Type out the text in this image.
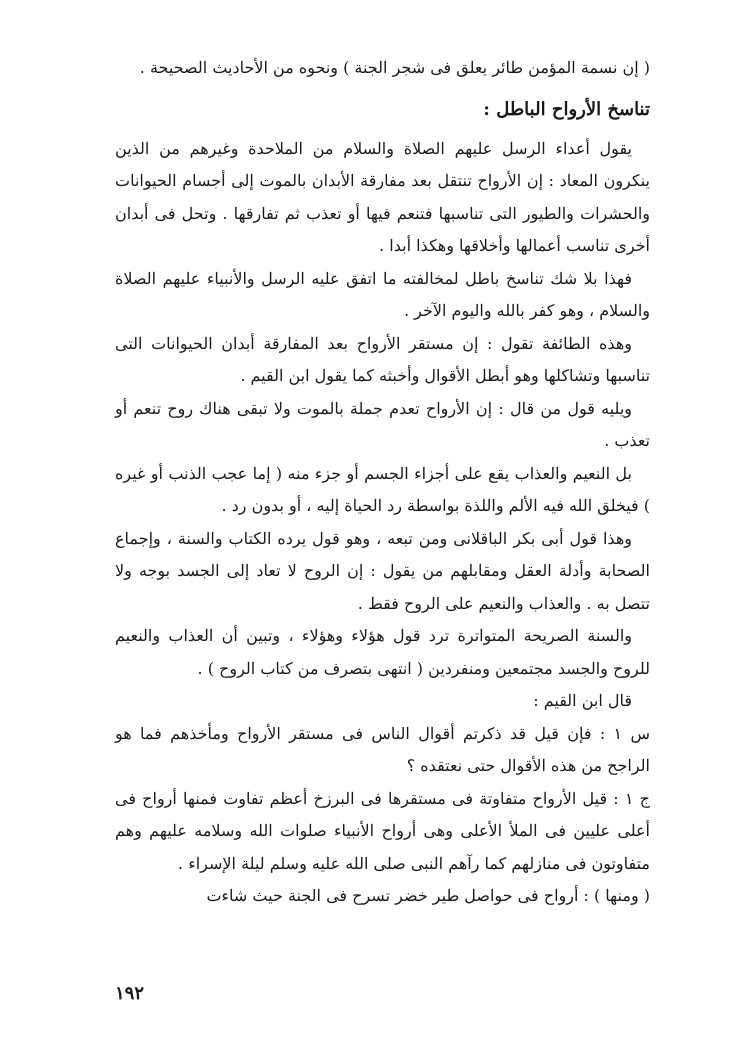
( إن نسمة المؤمن طائر يعلق فى شجر الجنة ) ونحوه من الأحاديث الصحيحة .

تناسخ الأرواح الباطل :

يقول أعداء الرسل عليهم الصلاة والسلام من الملاحدة وغيرهم من الذين ينكرون المعاد : إن الأرواح تنتقل بعد مفارقة الأبدان بالموت إلى أجسام الحيوانات والحشرات والطيور التى تناسبها فتنعم فيها أو تعذب ثم تفارقها . وتحل فى أبدان أخرى تناسب أعمالها وأخلاقها وهكذا أبدا .

فهذا بلا شك تناسخ باطل لمخالفته ما اتفق عليه الرسل والأنبياء عليهم الصلاة والسلام ، وهو كفر بالله واليوم الآخر .

وهذه الطائفة تقول : إن مستقر الأرواح بعد المفارقة أبدان الحيوانات التى تناسبها وتشاكلها وهو أبطل الأقوال وأخبثه كما يقول ابن القيم .

ويليه قول من قال : إن الأرواح تعدم جملة بالموت ولا تبقى هناك روح تنعم أو تعذب .

بل النعيم والعذاب يقع على أجزاء الجسم أو جزء منه ( إما عجب الذنب أو غيره ) فيخلق الله فيه الألم واللذة بواسطة رد الحياة إليه ، أو بدون رد .

وهذا قول أبى بكر الباقلانى ومن تبعه ، وهو قول يرده الكتاب والسنة ، وإجماع الصحابة وأدلة العقل ومقابلهم من يقول : إن الروح لا تعاد إلى الجسد بوجه ولا تتصل به . والعذاب والنعيم على الروح فقط .

والسنة الصريحة المتواترة ترد قول هؤلاء وهؤلاء ، وتبين أن العذاب والنعيم للروح والجسد مجتمعين ومنفردين ( انتهى بتصرف من كتاب الروح ) .

قال ابن القيم :

س ١ : فإن قيل قد ذكرتم أقوال الناس فى مستقر الأرواح ومأخذهم فما هو الراجح من هذه الأقوال حتى نعتقده ؟

ج ١ : قيل الأرواح متفاوتة فى مستقرها فى البرزخ أعظم تفاوت فمنها أرواح فى أعلى عليين فى الملأ الأعلى وهى أرواح الأنبياء صلوات الله وسلامه عليهم وهم متفاوتون فى منازلهم كما رآهم النبى صلى الله عليه وسلم ليلة الإسراء .

( ومنها ) : أرواح فى حواصل طير خضر تسرح فى الجنة حيث شاءت

١٩٢
